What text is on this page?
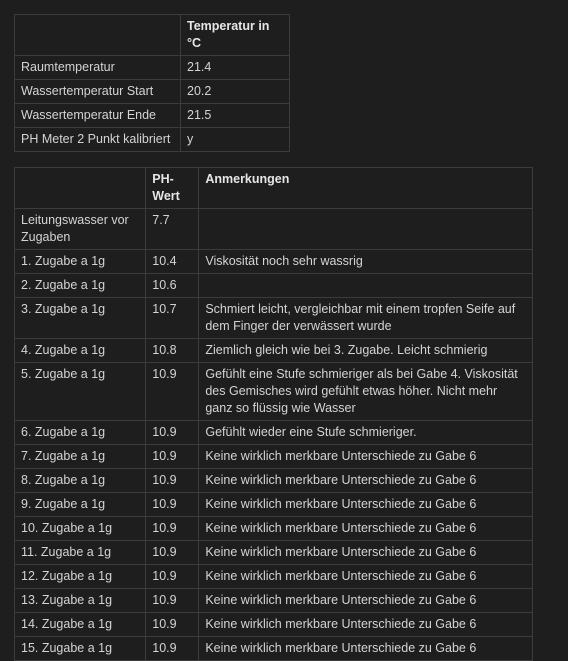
	Temperatur in °C
Raumtemperatur	21.4
Wassertemperatur Start	20.2
Wassertemperatur Ende	21.5
PH Meter 2 Punkt kalibriert	y
	PH-Wert	Anmerkungen
Leitungswasser vor Zugaben	7.7	
1. Zugabe a 1g	10.4	Viskosität noch sehr wassrig
2. Zugabe a 1g	10.6	
3. Zugabe a 1g	10.7	Schmiert leicht, vergleichbar mit einem tropfen Seife auf dem Finger der verwässert wurde
4. Zugabe a 1g	10.8	Ziemlich gleich wie bei 3. Zugabe. Leicht schmierig
5. Zugabe a 1g	10.9	Gefühlt eine Stufe schmieriger als bei Gabe 4. Viskosität des Gemisches wird gefühlt etwas höher. Nicht mehr ganz so flüssig wie Wasser
6. Zugabe a 1g	10.9	Gefühlt wieder eine Stufe schmieriger.
7. Zugabe a 1g	10.9	Keine wirklich merkbare Unterschiede zu Gabe 6
8. Zugabe a 1g	10.9	Keine wirklich merkbare Unterschiede zu Gabe 6
9. Zugabe a 1g	10.9	Keine wirklich merkbare Unterschiede zu Gabe 6
10. Zugabe a 1g	10.9	Keine wirklich merkbare Unterschiede zu Gabe 6
11. Zugabe a 1g	10.9	Keine wirklich merkbare Unterschiede zu Gabe 6
12. Zugabe a 1g	10.9	Keine wirklich merkbare Unterschiede zu Gabe 6
13. Zugabe a 1g	10.9	Keine wirklich merkbare Unterschiede zu Gabe 6
14. Zugabe a 1g	10.9	Keine wirklich merkbare Unterschiede zu Gabe 6
15. Zugabe a 1g	10.9	Keine wirklich merkbare Unterschiede zu Gabe 6
